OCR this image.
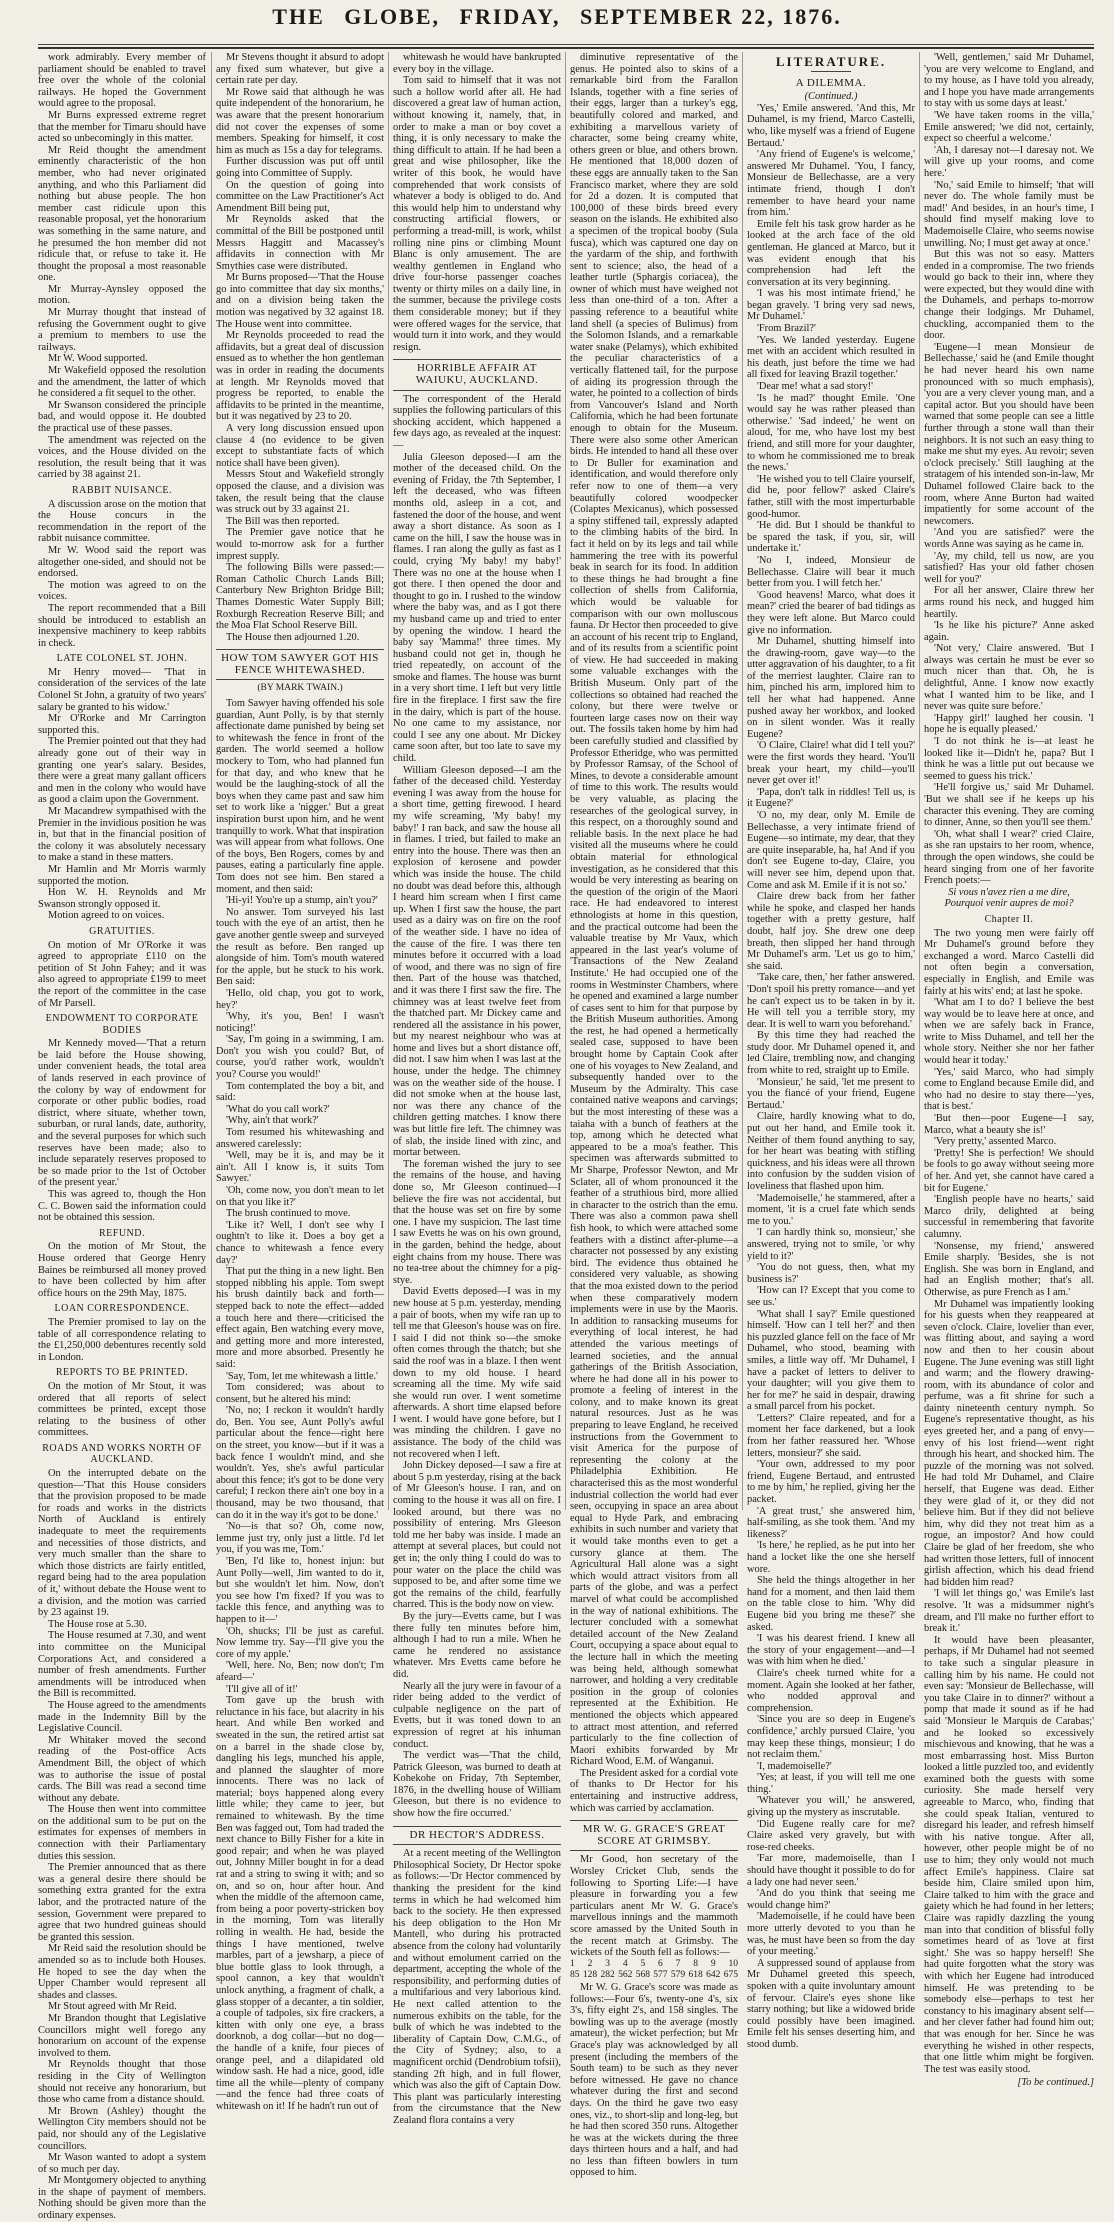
THE GLOBE, FRIDAY, SEPTEMBER 22, 1876.

work admirably. Every member of parliament should be enabled to travel free over the whole of the colonial railways. He hoped the Government would agree to the proposal.

Mr Burns expressed extreme regret that the member for Timaru should have acted so unbecomingly in this matter.

Mr Reid thought the amendment eminently characteristic of the hon member, who had never originated anything, and who this Parliament did nothing but abuse people. The hon member cast ridicule upon this reasonable proposal, yet the honorarium was something in the same nature, and he presumed the hon member did not ridicule that, or refuse to take it. He thought the proposal a most reasonable one.

Mr Murray-Aynsley opposed the motion.

Mr Murray thought that instead of refusing the Government ought to give a premium to members to use the railways.

Mr W. Wood supported.

Mr Wakefield opposed the resolution and the amendment, the latter of which he considered a fit sequel to the other.

Mr Swanson considered the principle bad, and would oppose it. He doubted the practical use of these passes.

The amendment was rejected on the voices, and the House divided on the resolution, the result being that it was carried by 38 against 21.

RABBIT NUISANCE.

A discussion arose on the motion that the House concurs in the recommendation in the report of the rabbit nuisance committee.

Mr W. Wood said the report was altogether one-sided, and should not be endorsed.

The motion was agreed to on the voices.

The report recommended that a Bill should be introduced to establish an inexpensive machinery to keep rabbits in check.

LATE COLONEL ST. JOHN.

Mr Henry moved— 'That in consideration of the services of the late Colonel St John, a gratuity of two years' salary be granted to his widow.'

Mr O'Rorke and Mr Carrington supported this.

The Premier pointed out that they had already gone out of their way in granting one year's salary. Besides, there were a great many gallant officers and men in the colony who would have as good a claim upon the Government.

Mr Macandrew sympathised with the Premier in the invidious position he was in, but that in the financial position of the colony it was absolutely necessary to make a stand in these matters.

Mr Hamlin and Mr Morris warmly supported the motion.

Hon W. H. Reynolds and Mr Swanson strongly opposed it.

Motion agreed to on voices.

GRATUITIES.

On motion of Mr O'Rorke it was agreed to appropriate £110 on the petition of St John Fahey; and it was also agreed to appropriate £199 to meet the report of the committee in the case of Mr Parsell.

ENDOWMENT TO CORPORATE BODIES

Mr Kennedy moved—'That a return be laid before the House showing, under convenient heads, the total area of lands reserved in each province of the colony by way of endowment for corporate or other public bodies, road district, where situate, whether town, suburban, or rural lands, date, authority, and the several purposes for which such reserves have been made; also to include separately reserves proposed to be so made prior to the 1st of October of the present year.'

This was agreed to, though the Hon C. C. Bowen said the information could not be obtained this session.

REFUND.

On the motion of Mr Stout, the House ordered that George Henry Baines be reimbursed all money proved to have been collected by him after office hours on the 29th May, 1875.

LOAN CORRESPONDENCE.

The Premier promised to lay on the table of all correspondence relating to the £1,250,000 debentures recently sold in London.

REPORTS TO BE PRINTED.

On the motion of Mr Stout, it was ordered that all reports of select committees be printed, except those relating to the business of other committees.

ROADS AND WORKS NORTH OF AUCKLAND.

On the interrupted debate on the question—'That this House considers that the provision proposed to be made for roads and works in the districts North of Auckland is entirely inadequate to meet the requirements and necessities of those districts, and very much smaller than the share to which those districts are fairly entitled, regard being had to the area population of it,' without debate the House went to a division, and the motion was carried by 23 against 19.

The House rose at 5.30.

The House resumed at 7.30, and went into committee on the Municipal Corporations Act, and considered a number of fresh amendments. Further amendments will be introduced when the Bill is recommitted.

The House agreed to the amendments made in the Indemnity Bill by the Legislative Council.

Mr Whitaker moved the second reading of the Post-office Acts Amendment Bill, the object of which was to authorise the issue of postal cards. The Bill was read a second time without any debate.

The House then went into committee on the additional sum to be put on the estimates for expenses of members in connection with their Parliamentary duties this session.

The Premier announced that as there was a general desire there should be something extra granted for the extra labor, and the protracted nature of the session, Government were prepared to agree that two hundred guineas should be granted this session.

Mr Reid said the resolution should be amended so as to include both Houses. He hoped to see the day when the Upper Chamber would represent all shades and classes.

Mr Stout agreed with Mr Reid.

Mr Brandon thought that Legislative Councillors might well forego any honorarium on account of the expense involved to them.

Mr Reynolds thought that those residing in the City of Wellington should not receive any honorarium, but those who came from a distance should.

Mr Brown (Ashley) thought the Wellington City members should not be paid, nor should any of the Legislative councillors.

Mr Wason wanted to adopt a system of so much per day.

Mr Montgomery objected to anything in the shape of payment of members. Nothing should be given more than the ordinary expenses.

Mr Stevens thought it absurd to adopt any fixed sum whatever, but give a certain rate per day.

Mr Rowe said that although he was quite independent of the honorarium, he was aware that the present honorarium did not cover the expenses of some members. Speaking for himself, it cost him as much as 15s a day for telegrams.

Further discussion was put off until going into Committee of Supply.

On the question of going into committee on the Law Practitioner's Act Amendment Bill being put,

Mr Reynolds asked that the committal of the Bill be postponed until Messrs Haggitt and Macassey's affidavits in connection with Mr Smythies case were distributed.

Mr Burns proposed—'That the House go into committee that day six months,' and on a division being taken the motion was negatived by 32 against 18. The House went into committee.

Mr Reynolds proceeded to read the affidavits, but a great deal of discussion ensued as to whether the hon gentleman was in order in reading the documents at length. Mr Reynolds moved that progress be reported, to enable the affidavits to be printed in the meantime, but it was negatived by 23 to 20.

A very long discussion ensued upon clause 4 (no evidence to be given except to substantiate facts of which notice shall have been given).

Messrs Stout and Wakefield strongly opposed the clause, and a division was taken, the result being that the clause was struck out by 33 against 21.

The Bill was then reported.

The Premier gave notice that he would to-morrow ask for a further imprest supply.

The following Bills were passed:—Roman Catholic Church Lands Bill; Canterbury New Brighton Bridge Bill; Thames Domestic Water Supply Bill; Roxburgh Recreation Reserve Bill; and the Moa Flat School Reserve Bill.

The House then adjourned 1.20.

HOW TOM SAWYER GOT HIS FENCE WHITEWASHED.
(BY MARK TWAIN.)

Tom Sawyer having offended his sole guardian, Aunt Polly, is by that sternly affectionate dame punished by being set to whitewash the fence in front of the garden. The world seemed a hollow mockery to Tom, who had planned fun for that day, and who knew that he would be the laughing-stock of all the boys when they came past and saw him set to work like a 'nigger.' But a great inspiration burst upon him, and he went tranquilly to work. What that inspiration was will appear from what follows. One of the boys, Ben Rogers, comes by and pauses, eating a particularly fine apple. Tom does not see him. Ben stared a moment, and then said:

'Hi-yi! You're up a stump, ain't you?'

No answer. Tom surveyed his last touch with the eye of an artist, then he gave another gentle sweep and surveyed the result as before. Ben ranged up alongside of him. Tom's mouth watered for the apple, but he stuck to his work. Ben said:

'Hello, old chap, you got to work, hey?'

'Why, it's you, Ben! I wasn't noticing!'

'Say, I'm going in a swimming, I am. Don't you wish you could? But, of course, you'd rather work, wouldn't you? Course you would!'

Tom contemplated the boy a bit, and said:

'What do you call work?'

'Why, ain't that work?'

Tom resumed his whitewashing and answered carelessly:

'Well, may be it is, and may be it ain't. All I know is, it suits Tom Sawyer.'

'Oh, come now, you don't mean to let on that you like it?'

The brush continued to move.

'Like it? Well, I don't see why I oughtn't to like it. Does a boy get a chance to whitewash a fence every day?'

That put the thing in a new light. Ben stopped nibbling his apple. Tom swept his brush daintily back and forth—stepped back to note the effect—added a touch here and there—criticised the effect again, Ben watching every move, and getting more and more interested, more and more absorbed. Presently he said:

'Say, Tom, let me whitewash a little.'

Tom considered; was about to consent, but he altered his mind:

'No, no; I reckon it wouldn't hardly do, Ben. You see, Aunt Polly's awful particular about the fence—right here on the street, you know—but if it was a back fence I wouldn't mind, and she wouldn't. Yes, she's awful particular about this fence; it's got to be done very careful; I reckon there ain't one boy in a thousand, may be two thousand, that can do it in the way it's got to be done.'

'No—is that so? Oh, come now, lemme just try, only just a little. I'd let you, if you was me, Tom.'

'Ben, I'd like to, honest injun: but Aunt Polly—well, Jim wanted to do it, but she wouldn't let him. Now, don't you see how I'm fixed? If you was to tackle this fence, and anything was to happen to it—'

'Oh, shucks; I'll be just as careful. Now lemme try. Say—I'll give you the core of my apple.'

'Well, here. No, Ben; now don't; I'm afeard—'

'I'll give all of it!'

Tom gave up the brush with reluctance in his face, but alacrity in his heart. And while Ben worked and sweated in the sun, the retired artist sat on a barrel in the shade close by, dangling his legs, munched his apple, and planned the slaughter of more innocents. There was no lack of material; boys happened along every little while; they came to jeer, but remained to whitewash. By the time Ben was fagged out, Tom had traded the next chance to Billy Fisher for a kite in good repair; and when he was played out, Johnny Miller bought in for a dead rat and a string to swing it with; and so on, and so on, hour after hour. And when the middle of the afternoon came, from being a poor poverty-stricken boy in the morning, Tom was literally rolling in wealth. He had, beside the things I have mentioned, twelve marbles, part of a jewsharp, a piece of blue bottle glass to look through, a spool cannon, a key that wouldn't unlock anything, a fragment of chalk, a glass stopper of a decanter, a tin soldier, a couple of tadpoles, six fire crackers, a kitten with only one eye, a brass doorknob, a dog collar—but no dog—the handle of a knife, four pieces of orange peel, and a dilapidated old window sash. He had a nice, good, idle time all the while—plenty of company—and the fence had three coats of whitewash on it! If he hadn't run out of

whitewash he would have bankrupted every boy in the village.

Tom said to himself that it was not such a hollow world after all. He had discovered a great law of human action, without knowing it, namely, that, in order to make a man or boy covet a thing, it is only necessary to make the thing difficult to attain. If he had been a great and wise philosopher, like the writer of this book, he would have comprehended that work consists of whatever a body is obliged to do. And this would help him to understand why constructing artificial flowers, or performing a tread-mill, is work, whilst rolling nine pins or climbing Mount Blanc is only amusement. The are wealthy gentlemen in England who drive four-horse passenger coaches twenty or thirty miles on a daily line, in the summer, because the privilege costs them considerable money; but if they were offered wages for the service, that would turn it into work, and they would resign.

HORRIBLE AFFAIR AT WAIUKU, AUCKLAND.

The correspondent of the Herald supplies the following particulars of this shocking accident, which happened a few days ago, as revealed at the inquest:—

Julia Gleeson deposed—I am the mother of the deceased child. On the evening of Friday, the 7th September, I left the deceased, who was fifteen months old, asleep in a cot, and fastened the door of the house, and went away a short distance. As soon as I came on the hill, I saw the house was in flames. I ran along the gully as fast as I could, crying 'My baby! my baby!' There was no one at the house when I got there. I then opened the door and thought to go in. I rushed to the window where the baby was, and as I got there my husband came up and tried to enter by opening the window. I heard the baby say 'Mamma!' three times. My husband could not get in, though he tried repeatedly, on account of the smoke and flames. The house was burnt in a very short time. I left but very little fire in the fireplace. I first saw the fire in the dairy, which is part of the house. No one came to my assistance, nor could I see any one about. Mr Dickey came soon after, but too late to save my child.

William Gleeson deposed—I am the father of the deceased child. Yesterday evening I was away from the house for a short time, getting firewood. I heard my wife screaming, 'My baby! my baby!' I ran back, and saw the house all in flames. I tried, but failed to make an entry into the house. There was then an explosion of kerosene and powder which was inside the house. The child no doubt was dead before this, although I heard him scream when I first came up. When I first saw the house, the part used as a dairy was on fire on the roof of the weather side. I have no idea of the cause of the fire. I was there ten minutes before it occurred with a load of wood, and there was no sign of fire then. Part of the house was thatched, and it was there I first saw the fire. The chimney was at least twelve feet from the thatched part. Mr Dickey came and rendered all the assistance in his power, but my nearest neighbour who was at home and lives but a short distance off, did not. I saw him when I was last at the house, under the hedge. The chimney was on the weather side of the house. I did not smoke when at the house last, nor was there any chance of the children getting matches. I know there was but little fire left. The chimney was of slab, the inside lined with zinc, and mortar between.

The foreman wished the jury to see the remains of the house, and having done so, Mr Gleeson continued—I believe the fire was not accidental, but that the house was set on fire by some one. I have my suspicion. The last time I saw Evetts he was on his own ground, in the garden, behind the hedge, about eight chains from my house. There was no tea-tree about the chimney for a pig-stye.

David Evetts deposed—I was in my new house at 5 p.m. yesterday, mending a pair of boots, when my wife ran up to tell me that Gleeson's house was on fire. I said I did not think so—the smoke often comes through the thatch; but she said the roof was in a blaze. I then went down to my old house. I heard screaming all the time. My wife said she would run over. I went sometime afterwards. A short time elapsed before I went. I would have gone before, but I was minding the children. I gave no assistance. The body of the child was not recovered when I left.

John Dickey deposed—I saw a fire at about 5 p.m yesterday, rising at the back of Mr Gleeson's house. I ran, and on coming to the house it was all on fire. I looked around, but there was no possibility of entering. Mrs Gleeson told me her baby was inside. I made an attempt at several places, but could not get in; the only thing I could do was to pour water on the place the child was supposed to be, and after some time we got the remains of the child, fearfully charred. This is the body now on view.

By the jury—Evetts came, but I was there fully ten minutes before him, although I had to run a mile. When he came he rendered no assistance whatever. Mrs Evetts came before he did.

Nearly all the jury were in favour of a rider being added to the verdict of culpable negligence on the part of Evetts, but it was toned down to an expression of regret at his inhuman conduct.

The verdict was—'That the child, Patrick Gleeson, was burned to death at Kohekohe on Friday, 7th September, 1876, in the dwelling house of William Gleeson, but there is no evidence to show how the fire occurred.'

DR HECTOR'S ADDRESS.

At a recent meeting of the Wellington Philosophical Society, Dr Hector spoke as follows:—'Dr Hector commenced by thanking the president for the kind terms in which he had welcomed him back to the society. He then expressed his deep obligation to the Hon Mr Mantell, who during his protracted absence from the colony had voluntarily and without emolument carried on the department, accepting the whole of the responsibility, and performing duties of a multifarious and very laborious kind. He next called attention to the numerous exhibits on the table, for the bulk of which he was indebted to the liberality of Captain Dow, C.M.G., of the City of Sydney; also, to a magnificent orchid (Dendrobium tofsii), standing 2ft high, and in full flower, which was also the gift of Captain Dow. This plant was particularly interesting from the circumstance that the New Zealand flora contains a very

diminutive representative of the genus. He pointed also to skins of a remarkable bird from the Farallon Islands, together with a fine series of their eggs, larger than a turkey's egg, beautifully colored and marked, and exhibiting a marvellous variety of character, some being creamy white, others green or blue, and others brown. He mentioned that 18,000 dozen of these eggs are annually taken to the San Francisco market, where they are sold for 2d a dozen. It is computed that 100,000 of these birds breed every season on the islands. He exhibited also a specimen of the tropical booby (Sula fusca), which was captured one day on the yardarm of the ship, and forthwith sent to science; also, the head of a leather turtle (Sphargis coriacea), the owner of which must have weighed not less than one-third of a ton. After a passing reference to a beautiful white land shell (a species of Bulimus) from the Solomon Islands, and a remarkable water snake (Pelamys), which exhibited the peculiar characteristics of a vertically flattened tail, for the purpose of aiding its progression through the water, he pointed to a collection of birds from Vancouver's Island and North California, which he had been fortunate enough to obtain for the Museum. There were also some other American birds. He intended to hand all these over to Dr Buller for examination and identification, and would therefore only refer now to one of them—a very beautifully colored woodpecker (Colaptes Mexicanus), which possessed a spiny stiffened tail, expressly adapted to the climbing habits of the bird. In fact it held on by its legs and tail while hammering the tree with its powerful beak in search for its food. In addition to these things he had brought a fine collection of shells from California, which would be valuable for comparison with our own molluscous fauna. Dr Hector then proceeded to give an account of his recent trip to England, and of its results from a scientific point of view. He had succeeded in making some valuable exchanges with the British Museum. Only part of the collections so obtained had reached the colony, but there were twelve or fourteen large cases now on their way out. The fossils taken home by him had been carefully studied and classified by Professor Etheridge, who was permitted by Professor Ramsay, of the School of Mines, to devote a considerable amount of time to this work. The results would be very valuable, as placing the researches of the geological survey, in this respect, on a thoroughly sound and reliable basis. In the next place he had visited all the museums where he could obtain material for ethnological investigation, as he considered that this would be very interesting as bearing on the question of the origin of the Maori race. He had endeavored to interest ethnologists at home in this question, and the practical outcome had been the valuable treatise by Mr Vaux, which appeared in the last year's volume of 'Transactions of the New Zealand Institute.' He had occupied one of the rooms in Westminster Chambers, where he opened and examined a large number of cases sent to him for that purpose by the British Museum authorities. Among the rest, he had opened a hermetically sealed case, supposed to have been brought home by Captain Cook after one of his voyages to New Zealand, and subsequently handed over to the Museum by the Admiralty. This case contained native weapons and carvings; but the most interesting of these was a taiaha with a bunch of feathers at the top, among which he detected what appeared to be a moa's feather. This specimen was afterwards submitted to Mr Sharpe, Professor Newton, and Mr Sclater, all of whom pronounced it the feather of a struthious bird, more allied in character to the ostrich than the emu. There was also a common pawa shell fish hook, to which were attached some feathers with a distinct after-plume—a character not possessed by any existing bird. The evidence thus obtained he considered very valuable, as showing that the moa existed down to the period when these comparatively modern implements were in use by the Maoris. In addition to ransacking museums for everything of local interest, he had attended the various meetings of learned societies, and the annual gatherings of the British Association, where he had done all in his power to promote a feeling of interest in the colony, and to make known its great natural resources. Just as he was preparing to leave England, he received instructions from the Government to visit America for the purpose of representing the colony at the Philadelphia Exhibition. He characterised this as the most wonderful industrial collection the world had ever seen, occupying in space an area about equal to Hyde Park, and embracing exhibits in such number and variety that it would take months even to get a cursory glance at them. The Agricultural Hall alone was a sight which would attract visitors from all parts of the globe, and was a perfect marvel of what could be accomplished in the way of national exhibitions. The lecturer concluded with a somewhat detailed account of the New Zealand Court, occupying a space about equal to the lecture hall in which the meeting was being held, although somewhat narrower, and holding a very creditable position in the group of colonies represented at the Exhibition. He mentioned the objects which appeared to attract most attention, and referred particularly to the fine collection of Maori exhibits forwarded by Mr Richard Wood, E.M. of Wanganui.

The President asked for a cordial vote of thanks to Dr Hector for his entertaining and instructive address, which was carried by acclamation.

MR W. G. GRACE'S GREAT SCORE AT GRIMSBY.

Mr Good, hon secretary of the Worsley Cricket Club, sends the following to Sporting Life:—I have pleasure in forwarding you a few particulars anent Mr W. G. Grace's marvellous innings and the mammoth score amassed by the United South in the recent match at Grimsby. The wickets of the South fell as follows:—

1 2 3 4 5 6 7 8 9 10
85 128 282 562 568 577 579 618 642 675

Mr W. G. Grace's score was made as follows:—Four 6's, twenty-one 4's, six 3's, fifty eight 2's, and 158 singles. The bowling was up to the average (mostly amateur), the wicket perfection; but Mr Grace's play was acknowledged by all present (including the members of the South team) to be such as they never before witnessed. He gave no chance whatever during the first and second days. On the third he gave two easy ones, viz., to short-slip and long-leg, but he had then scored 350 runs. Altogether he was at the wickets during the three days thirteen hours and a half, and had no less than fifteen bowlers in turn opposed to him.

LITERATURE.
A DILEMMA.
(Continued.)

'Yes,' Emile answered. 'And this, Mr Duhamel, is my friend, Marco Castelli, who, like myself was a friend of Eugene Bertaud.'

'Any friend of Eugene's is welcome,' answered Mr Duhamel. 'You, I fancy, Monsieur de Bellechasse, are a very intimate friend, though I don't remember to have heard your name from him.'

Emile felt his task grow harder as he looked at the arch face of the old gentleman. He glanced at Marco, but it was evident enough that his comprehension had left the conversation at its very beginning.

'I was his most intimate friend,' he began gravely. 'I bring very sad news, Mr Duhamel.'

'From Brazil?'

'Yes. We landed yesterday. Eugene met with an accident which resulted in his death, just before the time we had all fixed for leaving Brazil together.'

'Dear me! what a sad story!'

'Is he mad?' thought Emile. 'One would say he was rather pleased than otherwise.' 'Sad indeed,' he went on aloud, 'for me, who have lost my best friend, and still more for your daughter, to whom he commissioned me to break the news.'

'He wished you to tell Claire yourself, did he, poor fellow?' asked Claire's father, still with the most imperturbable good-humor.

'He did. But I should be thankful to be spared the task, if you, sir, will undertake it.'

'No I, indeed, Monsieur de Bellechasse. Claire will bear it much better from you. I will fetch her.'

'Good heavens! Marco, what does it mean?' cried the bearer of bad tidings as they were left alone. But Marco could give no information.

Mr Duhamel, shutting himself into the drawing-room, gave way—to the utter aggravation of his daughter, to a fit of the merriest laughter. Claire ran to him, pinched his arm, implored him to tell her what had happened. Anne pushed away her workbox, and looked on in silent wonder. Was it really Eugene?

'O Claire, Claire! what did I tell you?' were the first words they heard. 'You'll break your heart, my child—you'll never get over it!'

'Papa, don't talk in riddles! Tell us, is it Eugene?'

'O no, my dear, only M. Emile de Bellechasse, a very intimate friend of Eugene—so intimate, my dear, that they are quite inseparable, ha, ha! And if you don't see Eugene to-day, Claire, you will never see him, depend upon that. Come and ask M. Emile if it is not so.'

Claire drew back from her father while he spoke, and clasped her hands together with a pretty gesture, half doubt, half joy. She drew one deep breath, then slipped her hand through Mr Duhamel's arm. 'Let us go to him,' she said.

'Take care, then,' her father answered. 'Don't spoil his pretty romance—and yet he can't expect us to be taken in by it. He will tell you a terrible story, my dear. It is well to warn you beforehand.'

By this time they had reached the study door. Mr Duhamel opened it, and led Claire, trembling now, and changing from white to red, straight up to Emile.

'Monsieur,' he said, 'let me present to you the fiancé of your friend, Eugene Bertaud.'

Claire, hardly knowing what to do, put out her hand, and Emile took it. Neither of them found anything to say, for her heart was beating with stifling quickness, and his ideas were all thrown into confusion by the sudden vision of loveliness that flashed upon him.

'Mademoiselle,' he stammered, after a moment, 'it is a cruel fate which sends me to you.'

'I can hardly think so, monsieur,' she answered, trying not to smile, 'or why yield to it?'

'You do not guess, then, what my business is?'

'How can I? Except that you come to see us.'

'What shall I say?' Emile questioned himself. 'How can I tell her?' and then his puzzled glance fell on the face of Mr Duhamel, who stood, beaming with smiles, a little way off. 'Mr Duhamel, I have a packet of letters to deliver to your daughter; will you give them to her for me?' he said in despair, drawing a small parcel from his pocket.

'Letters?' Claire repeated, and for a moment her face darkened, but a look from her father reassured her. 'Whose letters, monsieur?' she said.

'Your own, addressed to my poor friend, Eugene Bertaud, and entrusted to me by him,' he replied, giving her the packet.

'A great trust,' she answered him, half-smiling, as she took them. 'And my likeness?'

'Is here,' he replied, as he put into her hand a locket like the one she herself wore.

She held the things altogether in her hand for a moment, and then laid them on the table close to him. 'Why did Eugene bid you bring me these?' she asked.

'I was his dearest friend. I knew all the story of your engagement—and—I was with him when he died.'

Claire's cheek turned white for a moment. Again she looked at her father, who nodded approval and comprehension.

'Since you are so deep in Eugene's confidence,' archly pursued Claire, 'you may keep these things, monsieur; I do not reclaim them.'

'I, mademoiselle?'

'Yes; at least, if you will tell me one thing.'

'Whatever you will,' he answered, giving up the mystery as inscrutable.

'Did Eugene really care for me? Claire asked very gravely, but with rose-red cheeks.

'Far more, mademoiselle, than I should have thought it possible to do for a lady one had never seen.'

'And do you think that seeing me would change him?'

'Mademoiselle, if he could have been more utterly devoted to you than he was, he must have been so from the day of your meeting.'

A suppressed sound of applause from Mr Duhamel greeted this speech, spoken with a quite involuntary amount of fervour. Claire's eyes shone like starry nothing; but like a widowed bride could possibly have been imagined. Emile felt his senses deserting him, and stood dumb.

'Well, gentlemen,' said Mr Duhamel, 'you are very welcome to England, and to my house, as I have told you already, and I hope you have made arrangements to stay with us some days at least.'

'We have taken rooms in the villa,' Emile answered; 'we did not, certainly, expect so cheerful a welcome.'

'Ah, I daresay not—I daresay not. We will give up your rooms, and come here.'

'No,' said Emile to himself; 'that will never do. The whole family must be mad!' And besides, in an hour's time, I should find myself making love to Mademoiselle Claire, who seems nowise unwilling. No; I must get away at once.'

But this was not so easy. Matters ended in a compromise. The two friends would go back to their inn, where they were expected, but they would dine with the Duhamels, and perhaps to-morrow change their lodgings. Mr Duhamel, chuckling, accompanied them to the door.

'Eugene—I mean Monsieur de Bellechasse,' said he (and Emile thought he had never heard his own name pronounced with so much emphasis), 'you are a very clever young man, and a capital actor. But you should have been warned that some people can see a little further through a stone wall than their neighbors. It is not such an easy thing to make me shut my eyes. Au revoir; seven o'clock precisely.' Still laughing at the stratagem of his intended son-in-law, Mr Duhamel followed Claire back to the room, where Anne Burton had waited impatiently for some account of the newcomers.

'And you are satisfied?' were the words Anne was saying as he came in.

'Ay, my child, tell us now, are you satisfied? Has your old father chosen well for you?'

For all her answer, Claire threw her arms round his neck, and hugged him heartily.

'Is he like his picture?' Anne asked again.

'Not very,' Claire answered. 'But I always was certain he must be ever so much nicer than that. Oh, he is delightful, Anne. I know now exactly what I wanted him to be like, and I never was quite sure before.'

'Happy girl!' laughed her cousin. 'I hope he is equally pleased.'

'I do not think he is—at least he looked like it—Didn't he, papa? But I think he was a little put out because we seemed to guess his trick.'

'He'll forgive us,' said Mr Duhamel. 'But we shall see if he keeps up his character this evening. They are coming to dinner, Anne, so then you'll see them.'

'Oh, what shall I wear?' cried Claire, as she ran upstairs to her room, whence, through the open windows, she could be heard singing from one of her favorite French poets:—

Si vous n'avez rien a me dire,
Pourquoi venir aupres de moi?
Chapter II.

The two young men were fairly off Mr Duhamel's ground before they exchanged a word. Marco Castelli did not often begin a conversation, especially in English, and Emile was fairly at his wits' end; at last he spoke.

'What am I to do? I believe the best way would be to leave here at once, and when we are safely back in France, write to Miss Duhamel, and tell her the whole story. Neither she nor her father would hear it today.'

'Yes,' said Marco, who had simply come to England because Emile did, and who had no desire to stay there—'yes, that is best.'

'But then—poor Eugene—I say, Marco, what a beauty she is!'

'Very pretty,' assented Marco.

'Pretty! She is perfection! We should be fools to go away without seeing more of her. And yet, she cannot have cared a bit for Eugene.'

'English people have no hearts,' said Marco drily, delighted at being successful in remembering that favorite calumny.

'Nonsense, my friend,' answered Emile sharply. 'Besides, she is not English. She was born in England, and had an English mother; that's all. Otherwise, as pure French as I am.'

Mr Duhamel was impatiently looking for his guests when they reappeared at seven o'clock. Claire, lovelier than ever, was flitting about, and saying a word now and then to her cousin about Eugene. The June evening was still light and warm; and the flowery drawing-room, with its abundance of color and perfume, was a fit shrine for such a dainty nineteenth century nymph. So Eugene's representative thought, as his eyes greeted her, and a pang of envy—envy of his lost friend—went right through his heart, and shocked him. The puzzle of the morning was not solved. He had told Mr Duhamel, and Claire herself, that Eugene was dead. Either they were glad of it, or they did not believe him. But if they did not believe him, why did they not treat him as a rogue, an impostor? And how could Claire be glad of her freedom, she who had written those letters, full of innocent girlish affection, which his dead friend had bidden him read?

'I will let things go,' was Emile's last resolve. 'It was a midsummer night's dream, and I'll make no further effort to break it.'

It would have been pleasanter, perhaps, if Mr Duhamel had not seemed to take such a singular pleasure in calling him by his name. He could not even say: 'Monsieur de Bellechasse, will you take Claire in to dinner?' without a pomp that made it sound as if he had said 'Monsieur le Marquis de Carabas;' and he looked so excessively mischievous and knowing, that he was a most embarrassing host. Miss Burton looked a little puzzled too, and evidently examined both the guests with some curiosity. She made herself very agreeable to Marco, who, finding that she could speak Italian, ventured to disregard his leader, and refresh himself with his native tongue. After all, however, other people might be of no use to him; they only would not much affect Emile's happiness. Claire sat beside him, Claire smiled upon him, Claire talked to him with the grace and gaiety which he had found in her letters; Claire was rapidly dazzling the young man into that condition of blissful folly sometimes heard of as 'love at first sight.' She was so happy herself! She had quite forgotten what the story was with which her Eugene had introduced himself. He was pretending to be somebody else—perhaps to test her constancy to his imaginary absent self—and her clever father had found him out; that was enough for her. Since he was everything he wished in other respects, that one little whim might be forgiven. The test was easily stood.

[To be continued.]
